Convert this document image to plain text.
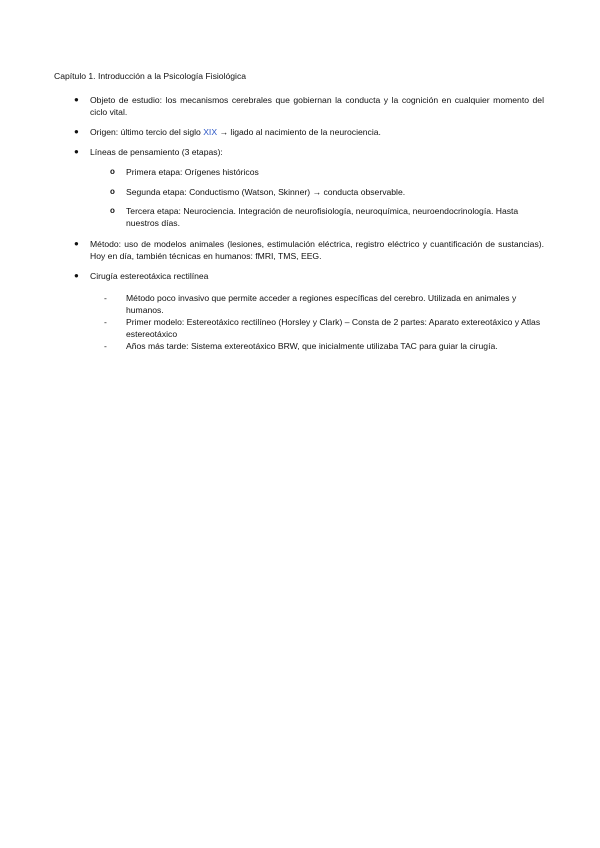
Capítulo 1. Introducción a la Psicología Fisiológica
● Objeto de estudio: los mecanismos cerebrales que gobiernan la conducta y la cognición en cualquier momento del ciclo vital.
● Origen: último tercio del siglo XIX → ligado al nacimiento de la neurociencia.
● Líneas de pensamiento (3 etapas):
o Primera etapa: Orígenes históricos
o Segunda etapa: Conductismo (Watson, Skinner) → conducta observable.
o Tercera etapa: Neurociencia. Integración de neurofisiología, neuroquímica, neuroendocrinología. Hasta nuestros días.
● Método: uso de modelos animales (lesiones, estimulación eléctrica, registro eléctrico y cuantificación de sustancias). Hoy en día, también técnicas en humanos: fMRI, TMS, EEG.
● Cirugía estereotáxica rectilínea
- Método poco invasivo que permite acceder a regiones específicas del cerebro. Utilizada en animales y humanos.
- Primer modelo: Estereotáxico rectilíneo (Horsley y Clark) – Consta de 2 partes: Aparato extereotáxico y Atlas estereotáxico
- Años más tarde: Sistema extereotáxico BRW, que inicialmente utilizaba TAC para guiar la cirugía.
